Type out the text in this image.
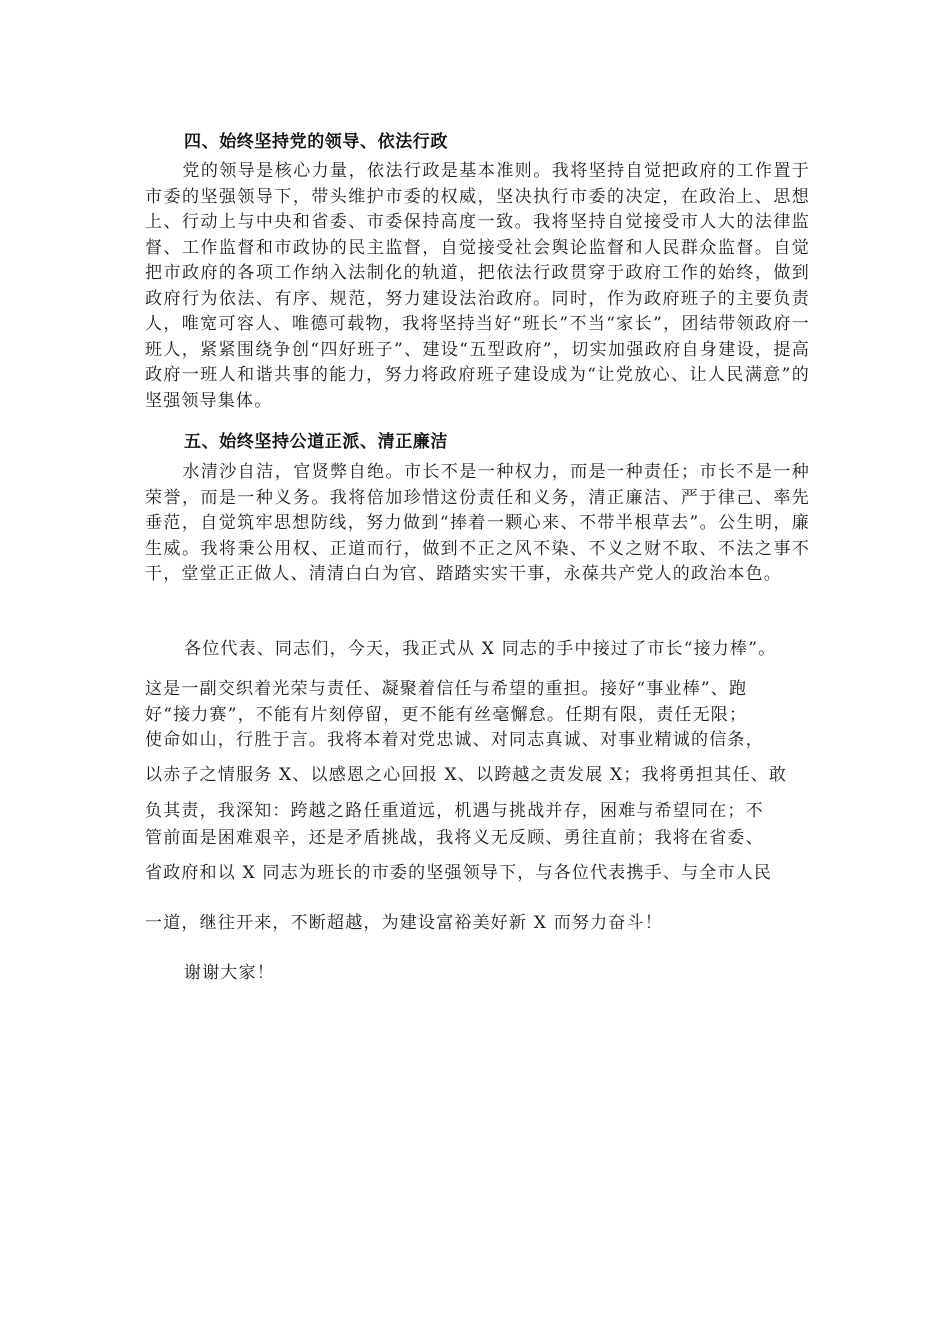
四、始终坚持党的领导、依法行政
党的领导是核心力量，依法行政是基本准则。我将坚持自觉把政府的工作置于市委的坚强领导下，带头维护市委的权威，坚决执行市委的决定，在政治上、思想上、行动上与中央和省委、市委保持高度一致。我将坚持自觉接受市人大的法律监督、工作监督和市政协的民主监督，自觉接受社会舆论监督和人民群众监督。自觉把市政府的各项工作纳入法制化的轨道，把依法行政贯穿于政府工作的始终，做到政府行为依法、有序、规范，努力建设法治政府。同时，作为政府班子的主要负责人，唯宽可容人、唯德可载物，我将坚持当好“班长”不当“家长”，团结带领政府一班人，紧紧围绕争创“四好班子”、建设“五型政府”，切实加强政府自身建设，提高政府一班人和谐共事的能力，努力将政府班子建设成为“让党放心、让人民满意”的坚强领导集体。
五、始终坚持公道正派、清正廉洁
水清沙自洁，官贤弊自绝。市长不是一种权力，而是一种责任；市长不是一种荣誉，而是一种义务。我将倍加珍惜这份责任和义务，清正廉洁、严于律己、率先垂范，自觉筑牢思想防线，努力做到“捧着一颗心来、不带半根草去”。公生明，廉生威。我将秉公用权、正道而行，做到不正之风不染、不义之财不取、不法之事不干，堂堂正正做人、清清白白为官、踏踏实实干事，永葆共产党人的政治本色。
各位代表、同志们，今天，我正式从 X 同志的手中接过了市长“接力棒”。
这是一副交织着光荣与责任、凝聚着信任与希望的重担。接好“事业棒”、跑
好“接力赛”，不能有片刻停留，更不能有丝毫懈怠。任期有限，责任无限；
使命如山，行胜于言。我将本着对党忠诚、对同志真诚、对事业精诚的信条，
以赤子之情服务 X、以感恩之心回报 X、以跨越之责发展 X；我将勇担其任、敢
负其责，我深知：跨越之路任重道远，机遇与挑战并存，困难与希望同在；不
管前面是困难艰辛，还是矛盾挑战，我将义无反顾、勇往直前；我将在省委、
省政府和以 X 同志为班长的市委的坚强领导下，与各位代表携手、与全市人民
一道，继往开来，不断超越，为建设富裕美好新 X 而努力奋斗！
谢谢大家！
